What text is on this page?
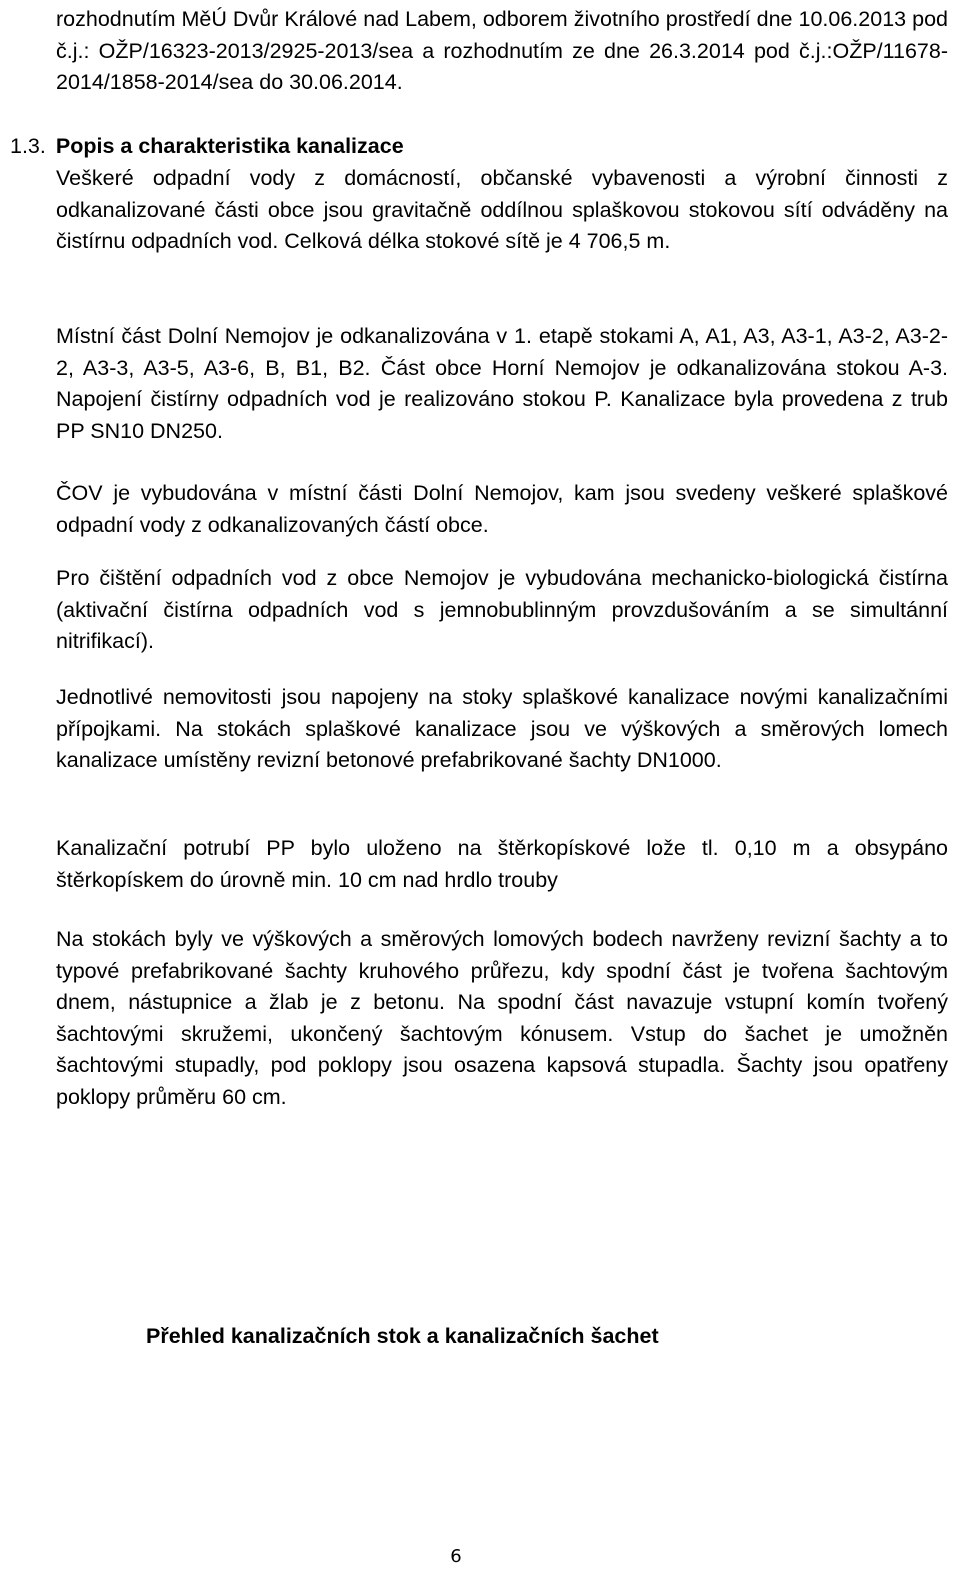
rozhodnutím MěÚ Dvůr Králové nad Labem, odborem životního prostředí dne 10.06.2013 pod č.j.: OŽP/16323-2013/2925-2013/sea a rozhodnutím ze dne 26.3.2014 pod č.j.:OŽP/11678-2014/1858-2014/sea do 30.06.2014.

1.3. Popis a charakteristika kanalizace

Veškeré odpadní vody z domácností, občanské vybavenosti a výrobní činnosti z odkanalizované části obce jsou gravitačně oddílnou splaškovou stokovou sítí odváděny na čistírnu odpadních vod. Celková délka stokové sítě je 4 706,5 m.

Místní část Dolní Nemojov je odkanalizována v 1. etapě stokami A, A1, A3, A3-1, A3-2, A3-2-2, A3-3, A3-5, A3-6, B, B1, B2. Část obce Horní Nemojov je odkanalizována stokou A-3. Napojení čistírny odpadních vod je realizováno stokou P. Kanalizace byla provedena z trub PP SN10 DN250.

ČOV je vybudována v místní části Dolní Nemojov, kam jsou svedeny veškeré splaškové odpadní vody z odkanalizovaných částí obce.

Pro čištění odpadních vod z obce Nemojov je vybudována mechanicko-biologická čistírna (aktivační čistírna odpadních vod s jemnobublinným provzdušováním a se simultánní nitrifikací).

Jednotlivé nemovitosti jsou napojeny na stoky splaškové kanalizace novými kanalizačními přípojkami. Na stokách splaškové kanalizace jsou ve výškových a směrových lomech kanalizace umístěny revizní betonové prefabrikované šachty DN1000.

Kanalizační potrubí PP bylo uloženo na štěrkopískové lože tl. 0,10 m a obsypáno štěrkopískem do úrovně min. 10 cm nad hrdlo trouby

Na stokách byly ve výškových a směrových lomových bodech navrženy revizní šachty a to typové prefabrikované šachty kruhového průřezu, kdy spodní část je tvořena šachtovým dnem, nástupnice a žlab je z betonu. Na spodní část navazuje vstupní komín tvořený šachtovými skružemi, ukončený šachtovým kónusem. Vstup do šachet je umožněn šachtovými stupadly, pod poklopy jsou osazena kapsová stupadla. Šachty jsou opatřeny poklopy průměru 60 cm.

Přehled kanalizačních stok a kanalizačních šachet
6
